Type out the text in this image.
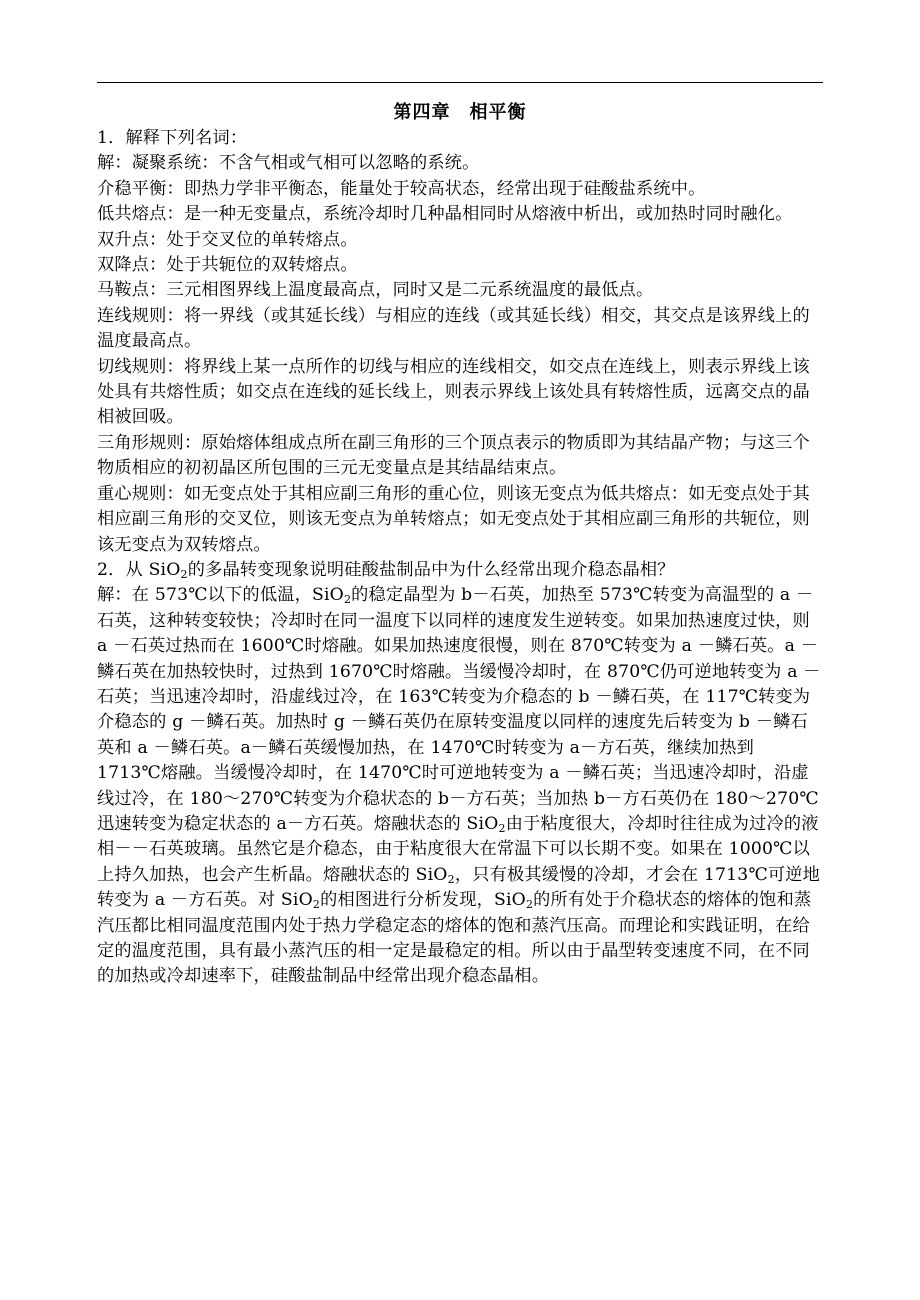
第四章　相平衡

1．解释下列名词：

解：凝聚系统：不含气相或气相可以忽略的系统。

介稳平衡：即热力学非平衡态，能量处于较高状态，经常出现于硅酸盐系统中。

低共熔点：是一种无变量点，系统冷却时几种晶相同时从熔液中析出，或加热时同时融化。

双升点：处于交叉位的单转熔点。

双降点：处于共轭位的双转熔点。

马鞍点：三元相图界线上温度最高点，同时又是二元系统温度的最低点。

连线规则：将一界线（或其延长线）与相应的连线（或其延长线）相交，其交点是该界线上的温度最高点。

切线规则：将界线上某一点所作的切线与相应的连线相交，如交点在连线上，则表示界线上该处具有共熔性质；如交点在连线的延长线上，则表示界线上该处具有转熔性质，远离交点的晶相被回吸。

三角形规则：原始熔体组成点所在副三角形的三个顶点表示的物质即为其结晶产物；与这三个物质相应的初初晶区所包围的三元无变量点是其结晶结束点。

重心规则：如无变点处于其相应副三角形的重心位，则该无变点为低共熔点：如无变点处于其相应副三角形的交叉位，则该无变点为单转熔点；如无变点处于其相应副三角形的共轭位，则该无变点为双转熔点。

2．从 SiO$_2$的多晶转变现象说明硅酸盐制品中为什么经常出现介稳态晶相？

解：在 573℃以下的低温，SiO$_2$的稳定晶型为 b－石英，加热至 573℃转变为高温型的 a －石英，这种转变较快；冷却时在同一温度下以同样的速度发生逆转变。如果加热速度过快，则 a －石英过热而在 1600℃时熔融。如果加热速度很慢，则在 870℃转变为 a －鳞石英。a －鳞石英在加热较快时，过热到 1670℃时熔融。当缓慢冷却时，在 870℃仍可逆地转变为 a －石英；当迅速冷却时，沿虚线过冷，在 163℃转变为介稳态的 b －鳞石英，在 117℃转变为介稳态的 g －鳞石英。加热时 g －鳞石英仍在原转变温度以同样的速度先后转变为 b －鳞石英和 a －鳞石英。a－鳞石英缓慢加热，在 1470℃时转变为 a－方石英，继续加热到 1713℃熔融。当缓慢冷却时，在 1470℃时可逆地转变为 a －鳞石英；当迅速冷却时，沿虚线过冷，在 180～270℃转变为介稳状态的 b－方石英；当加热 b－方石英仍在 180～270℃迅速转变为稳定状态的 a－方石英。熔融状态的 SiO$_2$由于粘度很大，冷却时往往成为过冷的液相－－石英玻璃。虽然它是介稳态，由于粘度很大在常温下可以长期不变。如果在 1000℃以上持久加热，也会产生析晶。熔融状态的 SiO$_2$，只有极其缓慢的冷却，才会在 1713℃可逆地转变为 a －方石英。对 SiO$_2$的相图进行分析发现，SiO$_2$的所有处于介稳状态的熔体的饱和蒸汽压都比相同温度范围内处于热力学稳定态的熔体的饱和蒸汽压高。而理论和实践证明，在给定的温度范围，具有最小蒸汽压的相一定是最稳定的相。所以由于晶型转变速度不同，在不同的加热或冷却速率下，硅酸盐制品中经常出现介稳态晶相。
